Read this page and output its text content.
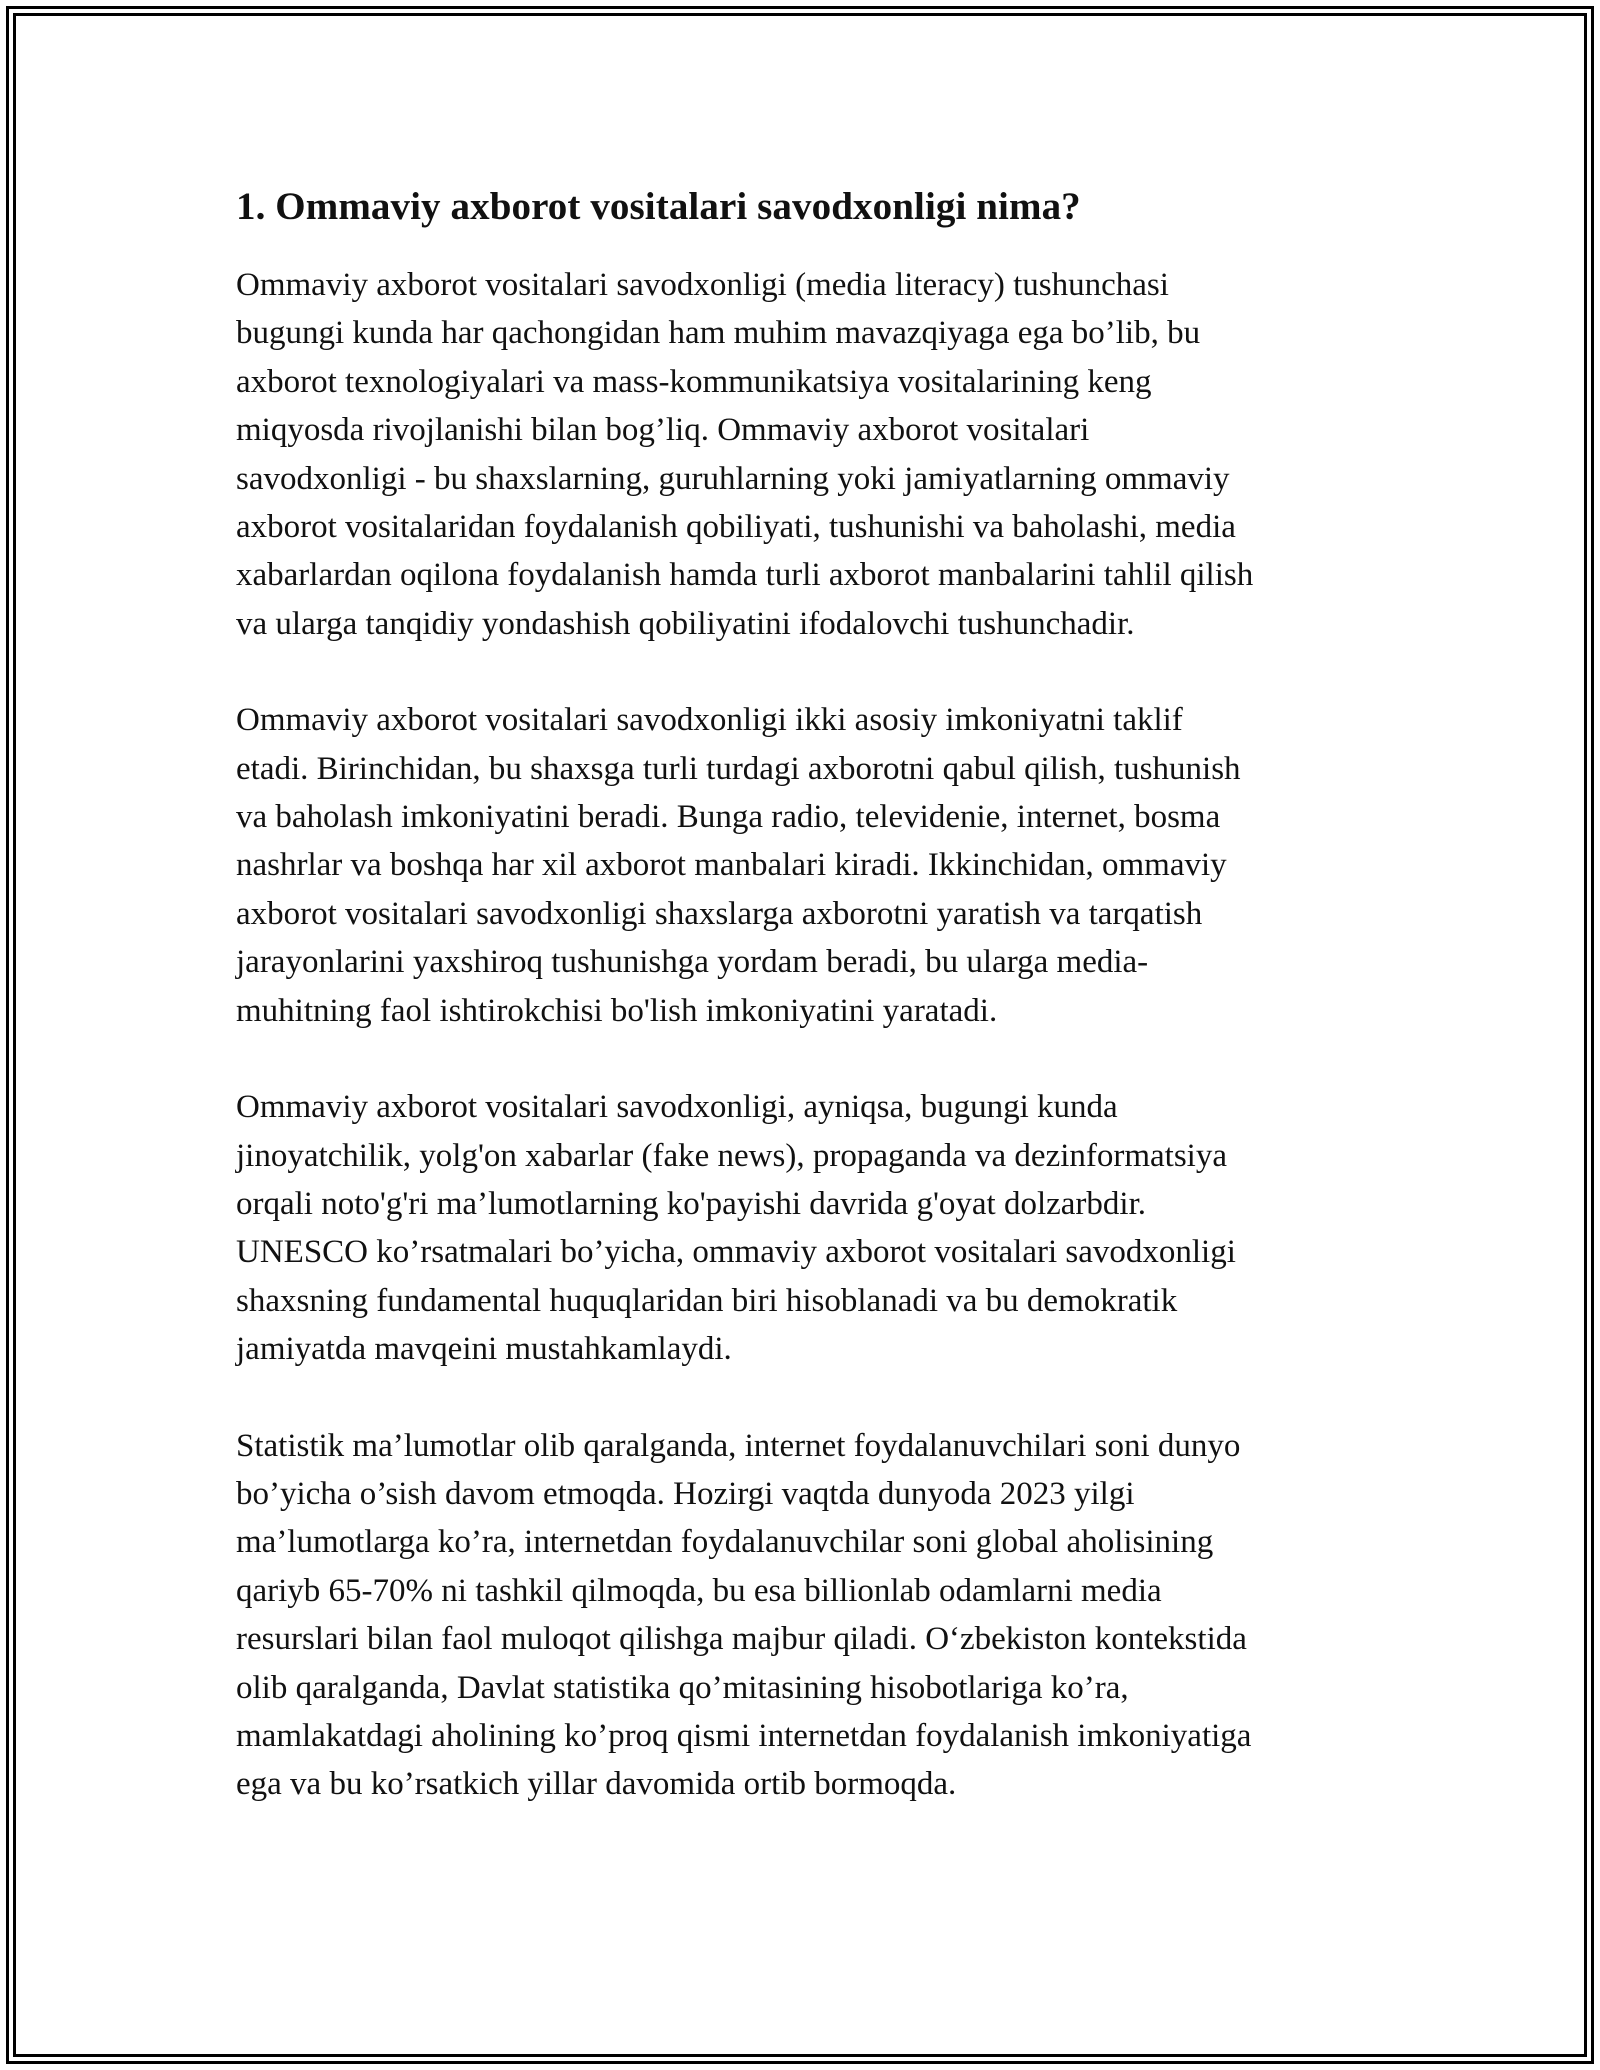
1. Ommaviy axborot vositalari savodxonligi nima?

Ommaviy axborot vositalari savodxonligi (media literacy) tushunchasi
bugungi kunda har qachongidan ham muhim mavazqiyaga ega bo’lib, bu
axborot texnologiyalari va mass-kommunikatsiya vositalarining keng
miqyosda rivojlanishi bilan bog’liq. Ommaviy axborot vositalari
savodxonligi - bu shaxslarning, guruhlarning yoki jamiyatlarning ommaviy
axborot vositalaridan foydalanish qobiliyati, tushunishi va baholashi, media
xabarlardan oqilona foydalanish hamda turli axborot manbalarini tahlil qilish
va ularga tanqidiy yondashish qobiliyatini ifodalovchi tushunchadir.

Ommaviy axborot vositalari savodxonligi ikki asosiy imkoniyatni taklif
etadi. Birinchidan, bu shaxsga turli turdagi axborotni qabul qilish, tushunish
va baholash imkoniyatini beradi. Bunga radio, televidenie, internet, bosma
nashrlar va boshqa har xil axborot manbalari kiradi. Ikkinchidan, ommaviy
axborot vositalari savodxonligi shaxslarga axborotni yaratish va tarqatish
jarayonlarini yaxshiroq tushunishga yordam beradi, bu ularga media-
muhitning faol ishtirokchisi bo'lish imkoniyatini yaratadi.

Ommaviy axborot vositalari savodxonligi, ayniqsa, bugungi kunda
jinoyatchilik, yolg'on xabarlar (fake news), propaganda va dezinformatsiya
orqali noto'g'ri ma’lumotlarning ko'payishi davrida g'oyat dolzarbdir.
UNESCO ko’rsatmalari bo’yicha, ommaviy axborot vositalari savodxonligi
shaxsning fundamental huquqlaridan biri hisoblanadi va bu demokratik
jamiyatda mavqeini mustahkamlaydi.

Statistik ma’lumotlar olib qaralganda, internet foydalanuvchilari soni dunyo
bo’yicha o’sish davom etmoqda. Hozirgi vaqtda dunyoda 2023 yilgi
ma’lumotlarga ko’ra, internetdan foydalanuvchilar soni global aholisining
qariyb 65-70% ni tashkil qilmoqda, bu esa billionlab odamlarni media
resurslari bilan faol muloqot qilishga majbur qiladi. O‘zbekiston kontekstida
olib qaralganda, Davlat statistika qo’mitasining hisobotlariga ko’ra,
mamlakatdagi aholining ko’proq qismi internetdan foydalanish imkoniyatiga
ega va bu ko’rsatkich yillar davomida ortib bormoqda.
